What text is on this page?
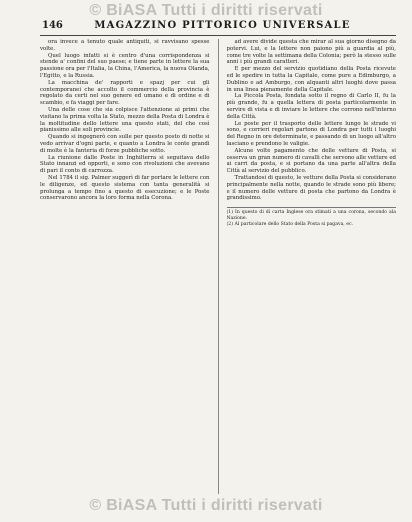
© BiASA Tutti i diritti riservati
146	MAGAZZINO PITTORICO UNIVERSALE

ora invece a tenuto quale antiquiti, si ravvisano spesse volte.

Quel luogo infatti si è centro d'una corrispondenza si stende a' confini del suo paese; e tiene parte in lettere la sua passione ora per l'Italia, la China, l'America, la nuova Olanda, l'Egitto, e la Russia.

La macchina de' rapporti e spazj per cui gli contemporanei che accolto il commercio della provincia è regolato da certi nel suo genere ed umano e di ordine e di scambio, e fa viaggi per fare.

Una delle cose che sia colpisce l'attenzione ai primi che visitano la prima volta la Stato, mezzo della Posta di Londra è la moltitudine dello lettere una questo stati, del che così pianissimo alle soli provincie.

Quando si ingegnerò con sulle per questo posto di notte si vedo arrivar d'ogni parte, e quanto a Londra le conte grandi di molte è la fanteria di forze pubbliche sotto.

La riunione dalle Poste in Inghilterra si seguitava dello Stato innanzi ed opporti, e sono con rivoluzioni che avevano di pari il conto di carrozza.

Nel 1784 il sig. Palmer suggerì di far portare le lettere con le diligenze, ed questo sistema con tanta generalità si prolunga a tempo fino a questo di esecuzione; e le Poste conservarono ancora la loro forma nella Corona.

ad avere divide questa che mirar al sua giorno disegno da potervi. Lui, e la lettere non paiono più a guardia al più, come tre volte la settimana della Colonia; però la stesso sulle anni i più grandi caratteri.

E per mezzo del servizio quotidiano della Posta ricevute ed le spedire in tutta la Capitale, come pure a Edimburgo, a Dublino e ad Amburgo, con alquanti altri luoghi dove passa in una linea pienamente della Capitale.

La Piccola Posta, fondata sotto il regno di Carlo II, fu la più grande, fu a quella lettera di posta particolarmente in servire di vista e di inviare le lettere che corrono nell'interno della Città.

Le poste per il trasporto delle lettere lungo le strade vi sono, e corrieri regolari partono di Londra per tutti i luoghi del Regno in ore determinate, e passando di un luogo all'altro lasciano e prendono le valigie.

Alcune volte pagamento che delle vetture di Posta, si osserva un gran numero di cavalli che servono alle vetture ed ai carri da posta, e si portano da una parte all'altra della Città al servizio del pubblico.

Trattandosi di questo, le vetture della Posta si considerano principalmente nella notte, quando le strade sono più libere; e il numero delle vetture di posta che partono da Londra è grandissimo.

(1) In questo di dì carta Inglese ora stimati a una corona, secondo ala Nazione.

(2) Al particolare dello Stato della Posta si pagava, ec.

© BiASA Tutti i diritti riservati
